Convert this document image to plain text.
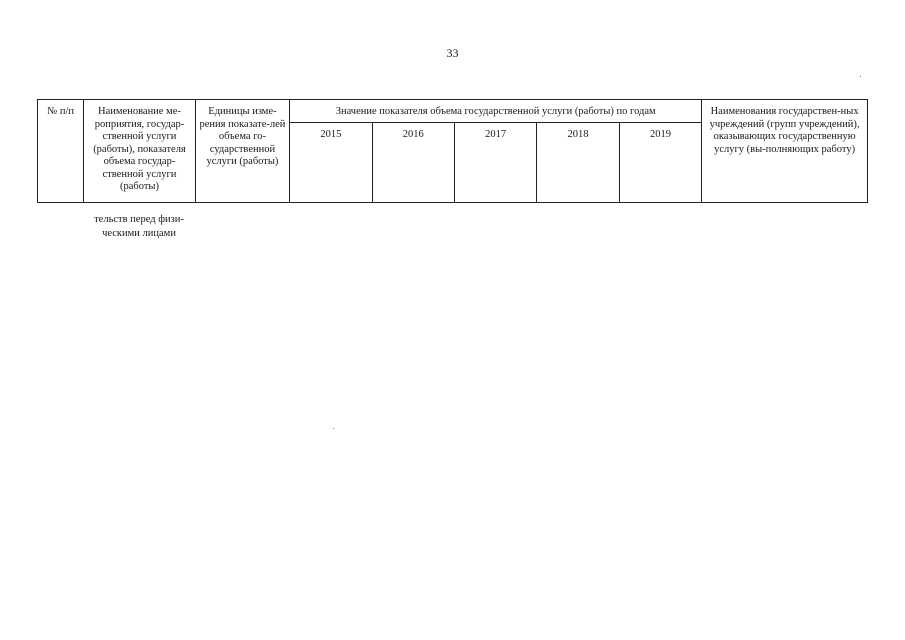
33
№ п/п	Наименование ме-роприятия, государ-ственной услуги (работы), показателя объема государ-ственной услуги (работы)	Единицы изме-рения показате-лей объема го-сударственной услуги (работы)	Значение показателя объема государственной услуги (работы) по годам					Наименования государствен-ных учреждений (групп учреждений), оказывающих государственную услугу (вы-полняющих работу)
			2015	2016	2017	2018	2019	
тельств перед физи-
ческими лицами
